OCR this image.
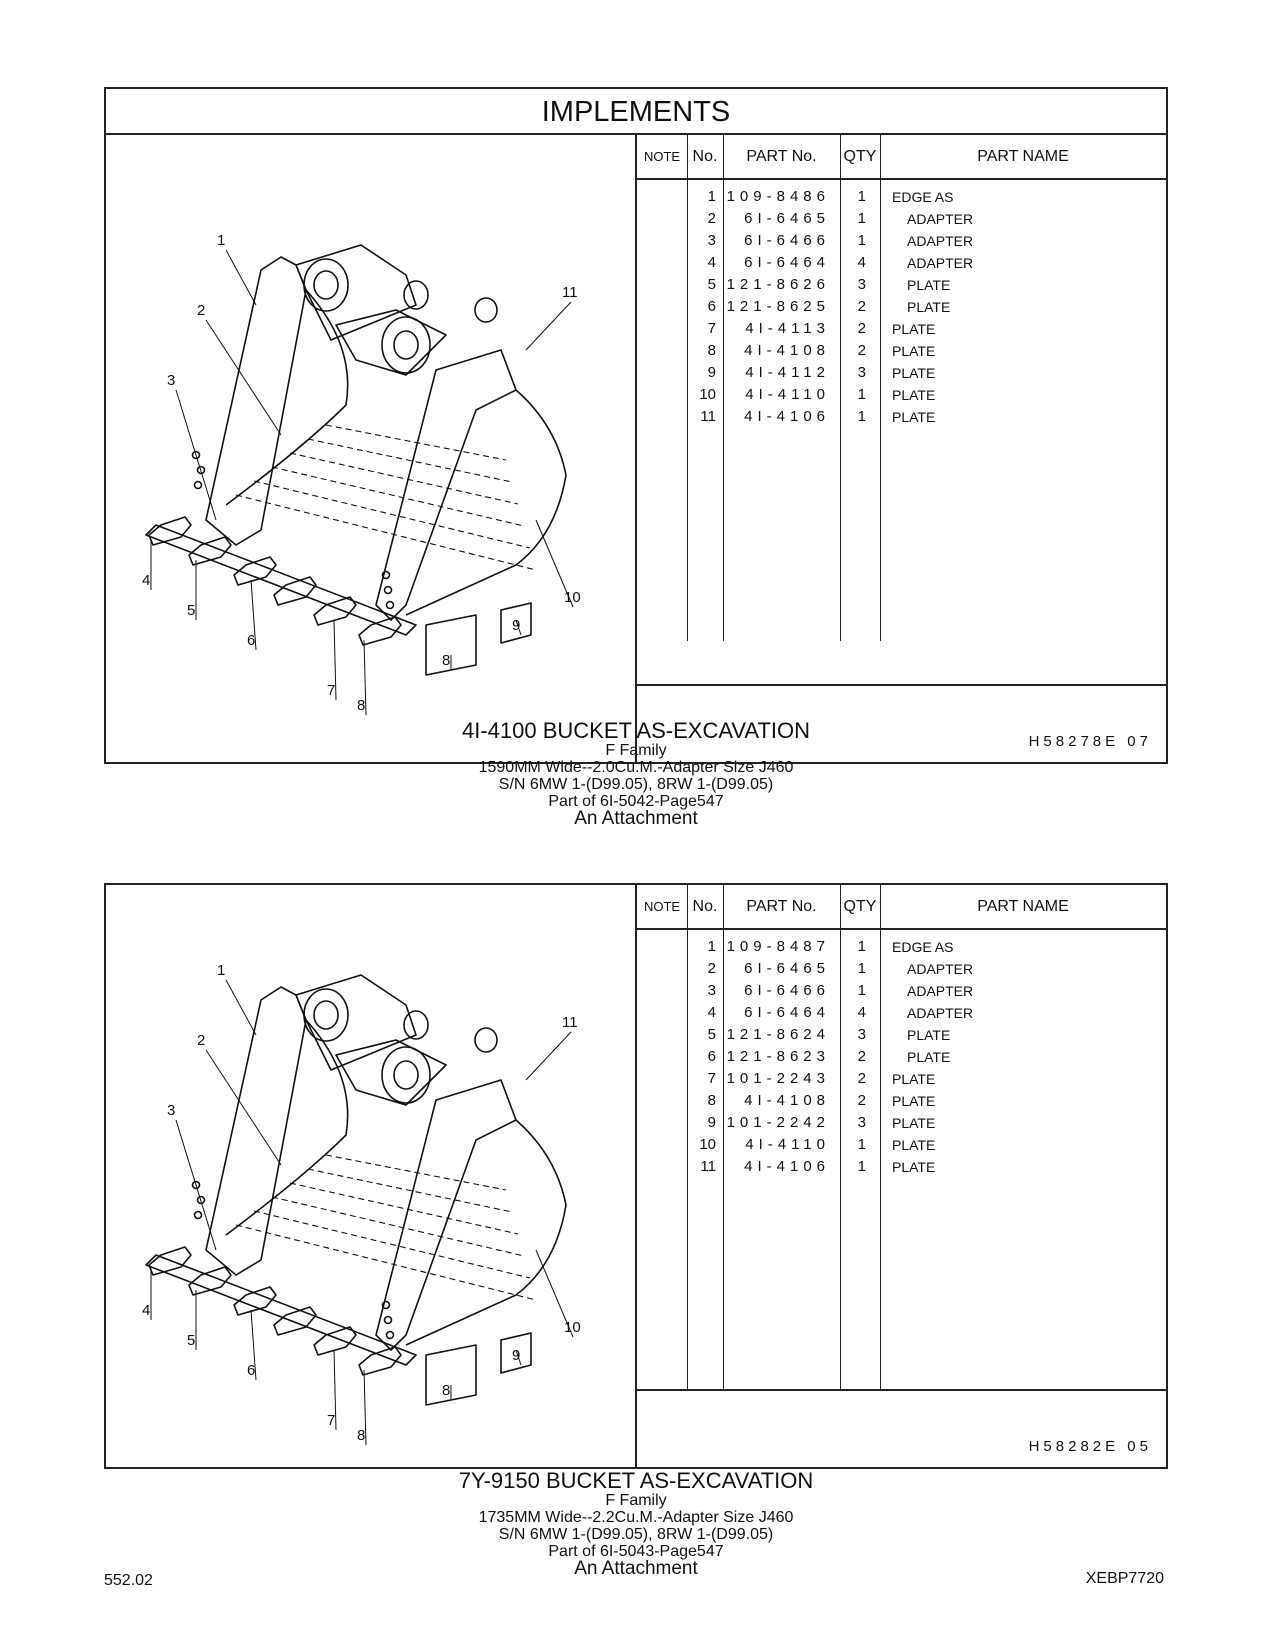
IMPLEMENTS
1
2
3
4
5
6
7
8
8
9
10
11
NOTE No.	PART No.	QTY	PART NAME
1 109-8486	1 EDGE AS
2	6I-6465	1	ADAPTER
3	6I-6466	1	ADAPTER
4	6I-6464	4	ADAPTER
5 121-8626	3	PLATE
6 121-8625	2	PLATE
7	4I-4113	2 PLATE
8	4I-4108	2 PLATE
9	4I-4112	3 PLATE
10	4I-4110	1 PLATE
11	4I-4106	1 PLATE
H58278E 07
4I-4100 BUCKET AS-EXCAVATION
F Family
1590MM Wide--2.0Cu.M.-Adapter Size J460
S/N 6MW 1-(D99.05), 8RW 1-(D99.05)
Part of 6I-5042-Page547
An Attachment
1
2
3
4
5
6
7
8
8
9
10
11
NOTE No.	PART No.	QTY	PART NAME
1 109-8487	1 EDGE AS
2	6I-6465	1	ADAPTER
3	6I-6466	1	ADAPTER
4	6I-6464	4	ADAPTER
5 121-8624	3	PLATE
6 121-8623	2	PLATE
7 101-2243	2 PLATE
8	4I-4108	2 PLATE
9 101-2242	3 PLATE
10	4I-4110	1 PLATE
11	4I-4106	1 PLATE
H58282E 05
7Y-9150 BUCKET AS-EXCAVATION
F Family
1735MM Wide--2.2Cu.M.-Adapter Size J460
S/N 6MW 1-(D99.05), 8RW 1-(D99.05)
Part of 6I-5043-Page547
An Attachment
552.02	XEBP7720
